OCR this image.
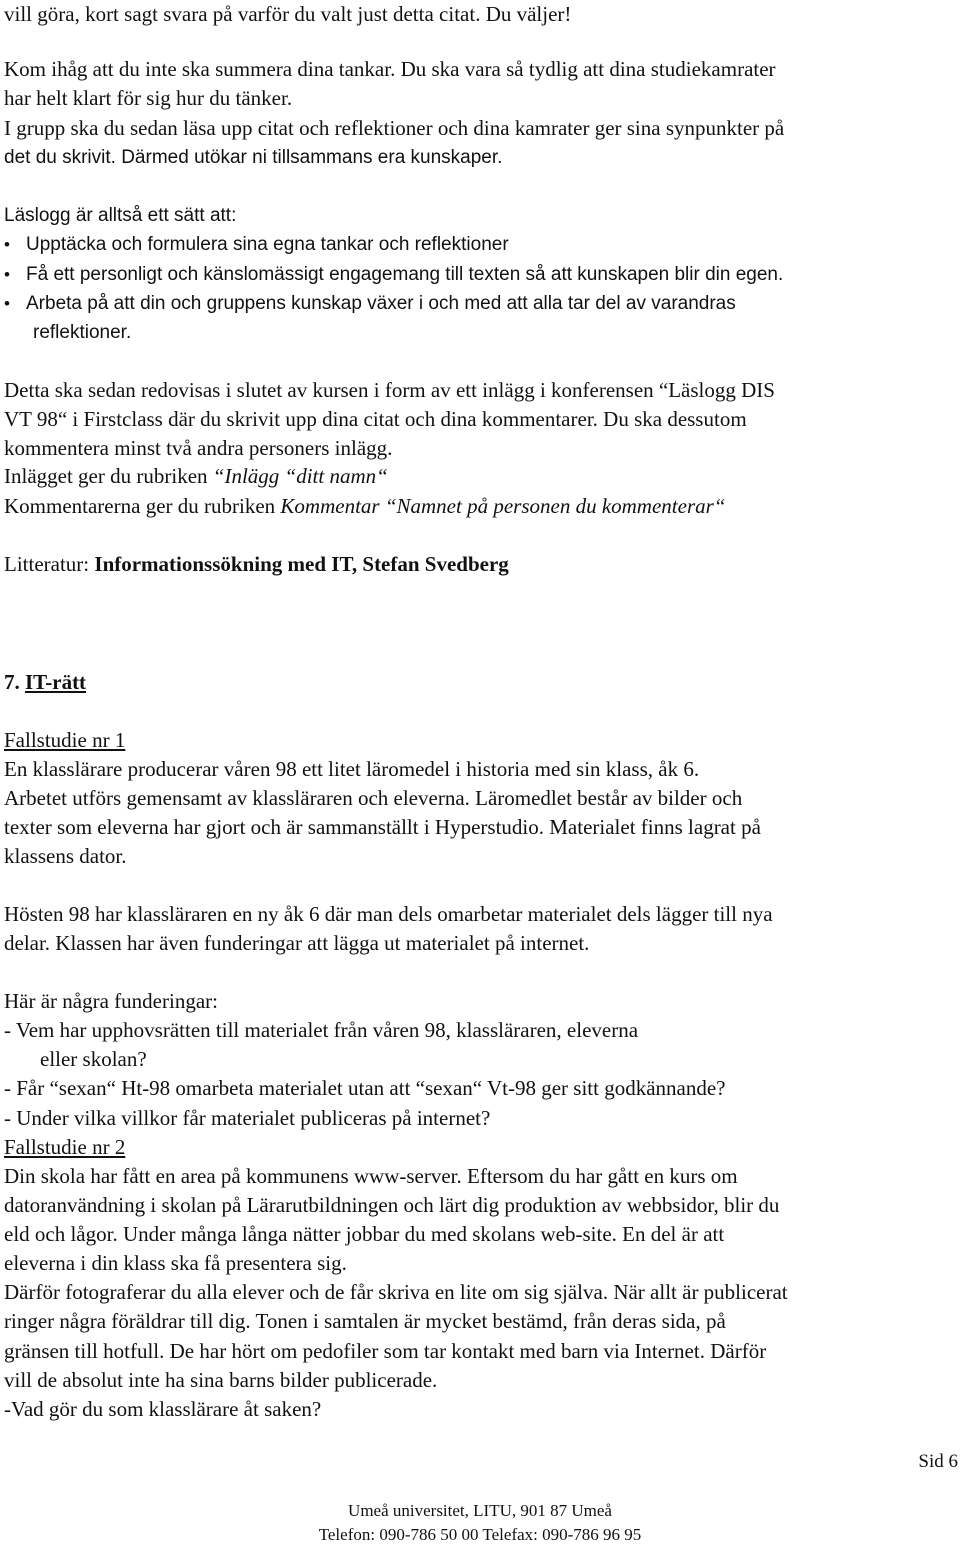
vill göra, kort sagt svara på varför du valt just detta citat. Du väljer!
Kom ihåg att du inte ska summera dina tankar. Du ska vara så tydlig att dina studiekamrater
har helt klart för sig hur du tänker.
I grupp ska du sedan läsa upp citat och reflektioner och dina kamrater ger sina synpunkter på
det du skrivit. Därmed utökar ni tillsammans era kunskaper.
Läslogg är alltså ett sätt att:
• Upptäcka och formulera sina egna tankar och reflektioner
• Få ett personligt och känslomässigt engagemang till texten så att kunskapen blir din egen.
• Arbeta på att din och gruppens kunskap växer i och med att alla tar del av varandras
reflektioner.
Detta ska sedan redovisas i slutet av kursen i form av ett inlägg i konferensen “Läslogg DIS
VT 98“ i Firstclass där du skrivit upp dina citat och dina kommentarer. Du ska dessutom
kommentera minst två andra personers inlägg.
Inlägget ger du rubriken “Inlägg “ditt namn“
Kommentarerna ger du rubriken Kommentar “Namnet på personen du kommenterar“
Litteratur: Informationssökning med IT, Stefan Svedberg
7. IT-rätt
Fallstudie nr 1
En klasslärare producerar våren 98 ett litet läromedel i historia med sin klass, åk 6.
Arbetet utförs gemensamt av klassläraren och eleverna. Läromedlet består av bilder och
texter som eleverna har gjort och är sammanställt i Hyperstudio. Materialet finns lagrat på
klassens dator.
Hösten 98 har klassläraren en ny åk 6 där man dels omarbetar materialet dels lägger till nya
delar. Klassen har även funderingar att lägga ut materialet på internet.
Här är några funderingar:
- Vem har upphovsrätten till materialet från våren 98, klassläraren, eleverna
eller skolan?
- Får “sexan“ Ht-98 omarbeta materialet utan att “sexan“ Vt-98 ger sitt godkännande?
- Under vilka villkor får materialet publiceras på internet?
Fallstudie nr 2
Din skola har fått en area på kommunens www-server. Eftersom du har gått en kurs om
datoranvändning i skolan på Lärarutbildningen och lärt dig produktion av webbsidor, blir du
eld och lågor. Under många långa nätter jobbar du med skolans web-site. En del är att
eleverna i din klass ska få presentera sig.
Därför fotograferar du alla elever och de får skriva en lite om sig själva. När allt är publicerat
ringer några föräldrar till dig. Tonen i samtalen är mycket bestämd, från deras sida, på
gränsen till hotfull. De har hört om pedofiler som tar kontakt med barn via Internet. Därför
vill de absolut inte ha sina barns bilder publicerade.
-Vad gör du som klasslärare åt saken?
Sid 6
Umeå universitet, LITU, 901 87 Umeå
Telefon: 090-786 50 00 Telefax: 090-786 96 95
